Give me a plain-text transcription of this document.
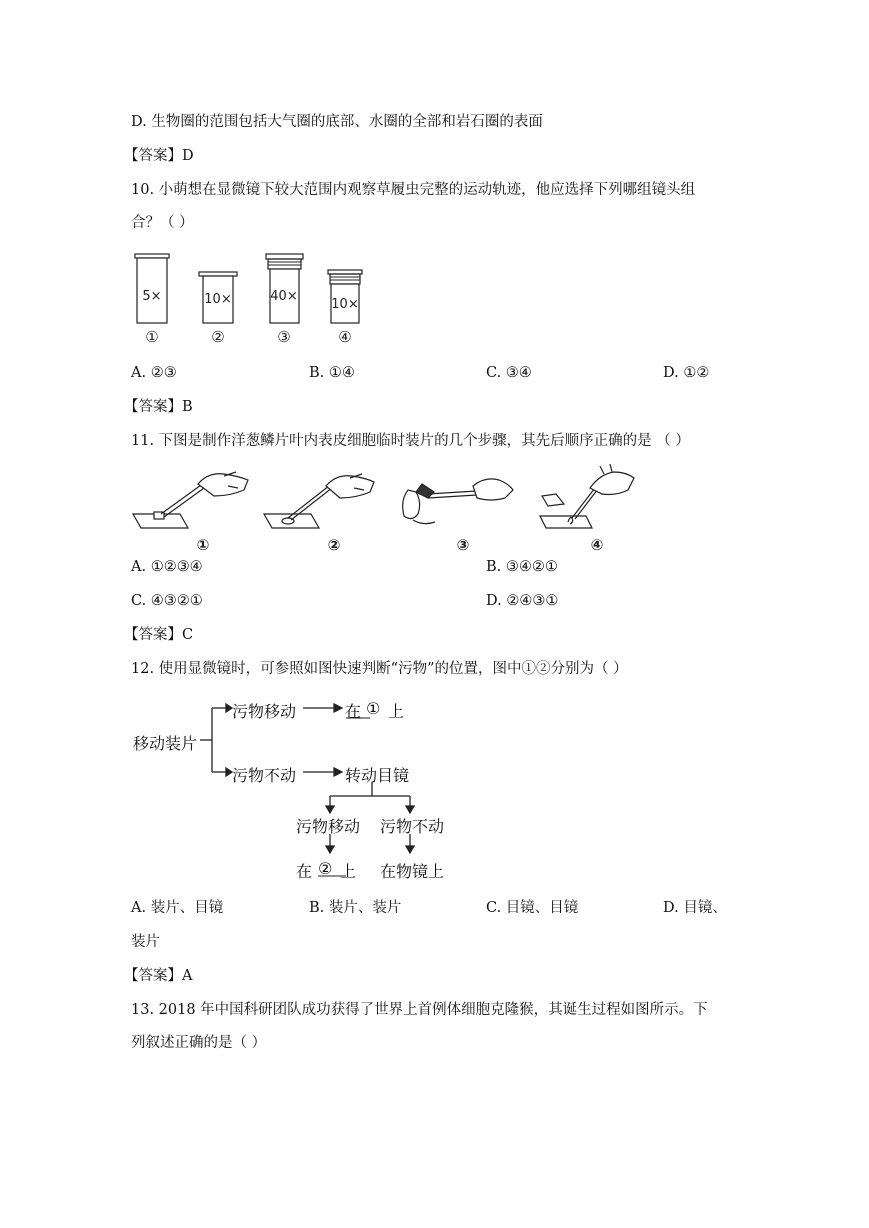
D. 生物圈的范围包括大气圈的底部、水圈的全部和岩石圈的表面
【答案】D
10. 小萌想在显微镜下较大范围内观察草履虫完整的运动轨迹，他应选择下列哪组镜头组
合？（ ）
5×
①
10×
②
40×
③
10×
④
A. ②③	B. ①④	C. ③④	D. ①②
【答案】B
11. 下图是制作洋葱鳞片叶内表皮细胞临时装片的几个步骤，其先后顺序正确的是 （ ）
①	②	③	④
A. ①②③④	B. ③④②①
C. ④③②①	D. ②④③①
【答案】C
12. 使用显微镜时，可参照如图快速判断“污物”的位置，图中①②分别为（ ）
移动装片
污物移动	在 ① 上
污物不动	转动目镜
污物移动 污物不动
在 ② 上 在物镜上
A. 装片、目镜	B. 装片、装片	C. 目镜、目镜	D. 目镜、
装片
【答案】A
13. 2018 年中国科研团队成功获得了世界上首例体细胞克隆猴，其诞生过程如图所示。下
列叙述正确的是（ ）
